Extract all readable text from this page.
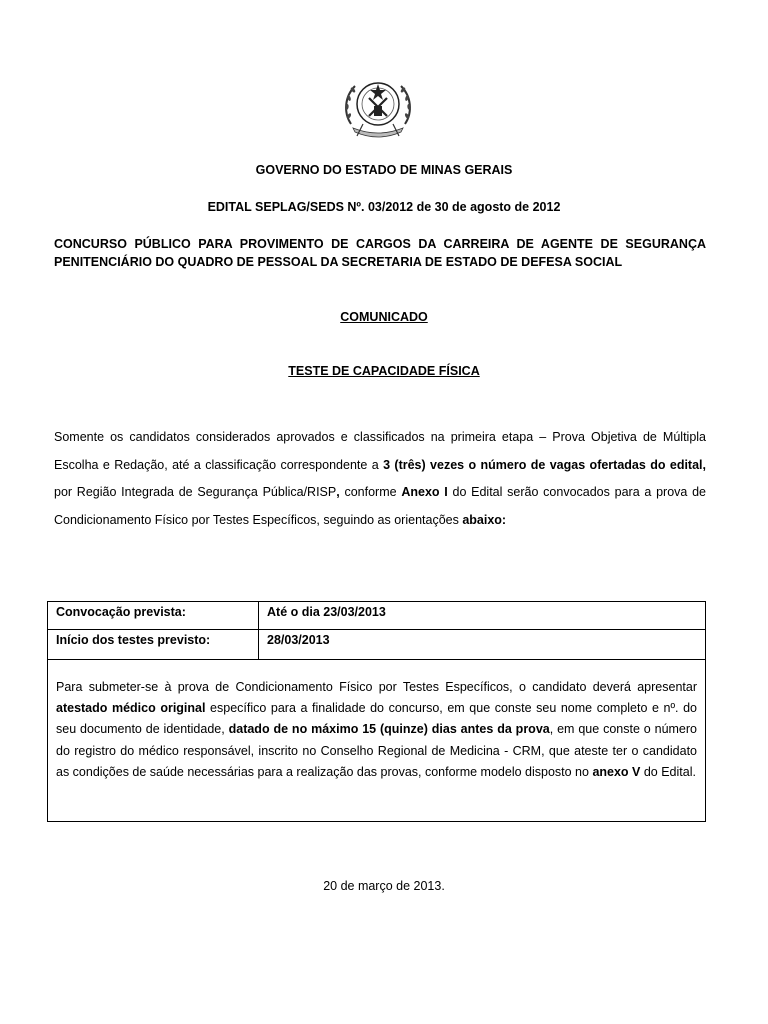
GOVERNO DO ESTADO DE MINAS GERAIS
EDITAL SEPLAG/SEDS Nº. 03/2012 de 30 de agosto de 2012
CONCURSO PÚBLICO PARA PROVIMENTO DE CARGOS DA CARREIRA DE AGENTE DE SEGURANÇA PENITENCIÁRIO DO QUADRO DE PESSOAL DA SECRETARIA DE ESTADO DE DEFESA SOCIAL
COMUNICADO
TESTE DE CAPACIDADE FÍSICA
Somente os candidatos considerados aprovados e classificados na primeira etapa – Prova Objetiva de Múltipla Escolha e Redação, até a classificação correspondente a 3 (três) vezes o número de vagas ofertadas do edital, por Região Integrada de Segurança Pública/RISP, conforme Anexo I do Edital serão convocados para a prova de Condicionamento Físico por Testes Específicos, seguindo as orientações abaixo:
Convocação prevista:	Até o dia 23/03/2013
Início dos testes previsto:	28/03/2013
Para submeter-se à prova de Condicionamento Físico por Testes Específicos, o candidato deverá apresentar atestado médico original específico para a finalidade do concurso, em que conste seu nome completo e nº. do seu documento de identidade, datado de no máximo 15 (quinze) dias antes da prova, em que conste o número do registro do médico responsável, inscrito no Conselho Regional de Medicina - CRM, que ateste ter o candidato as condições de saúde necessárias para a realização das provas, conforme modelo disposto no anexo V do Edital.
20 de março de 2013.
